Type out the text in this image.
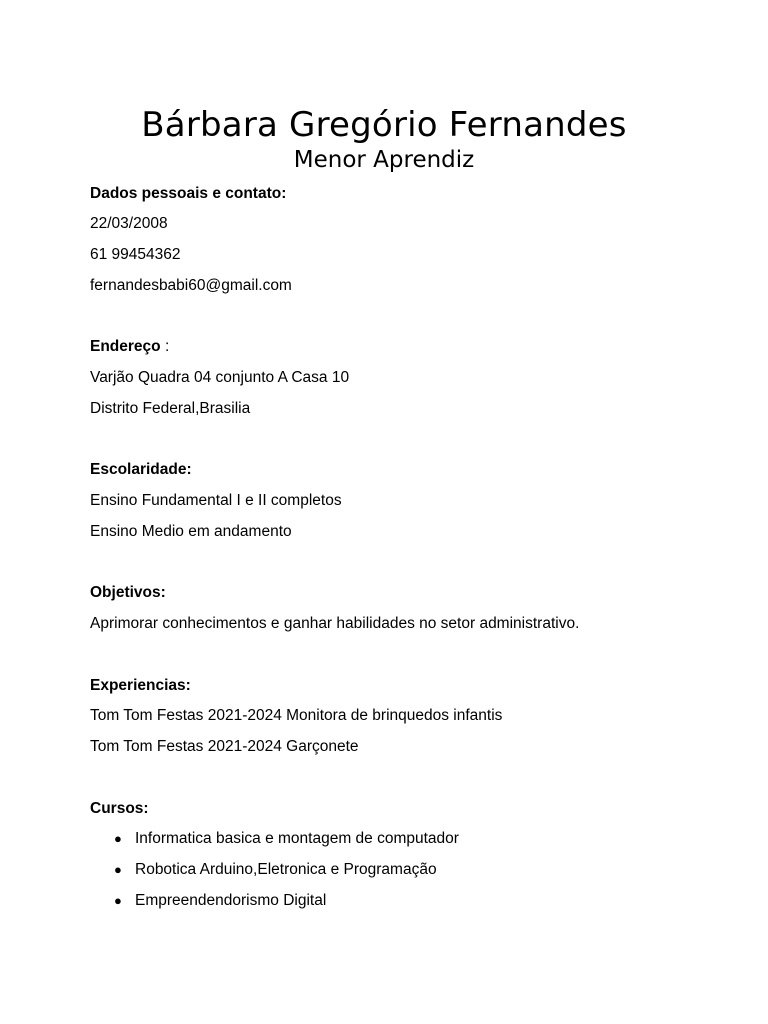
Bárbara Gregório Fernandes
Menor Aprendiz
Dados pessoais e contato:
22/03/2008
61 99454362
fernandesbabi60@gmail.com
Endereço :
Varjão Quadra 04 conjunto A Casa 10
Distrito Federal,Brasilia
Escolaridade:
Ensino Fundamental I e II completos
Ensino Medio em andamento
Objetivos:
Aprimorar conhecimentos e ganhar habilidades no setor administrativo.
Experiencias:
Tom Tom Festas 2021-2024 Monitora de brinquedos infantis
Tom Tom Festas 2021-2024 Garçonete
Cursos:
● Informatica basica e montagem de computador
● Robotica Arduino,Eletronica e Programação
● Empreendendorismo Digital
